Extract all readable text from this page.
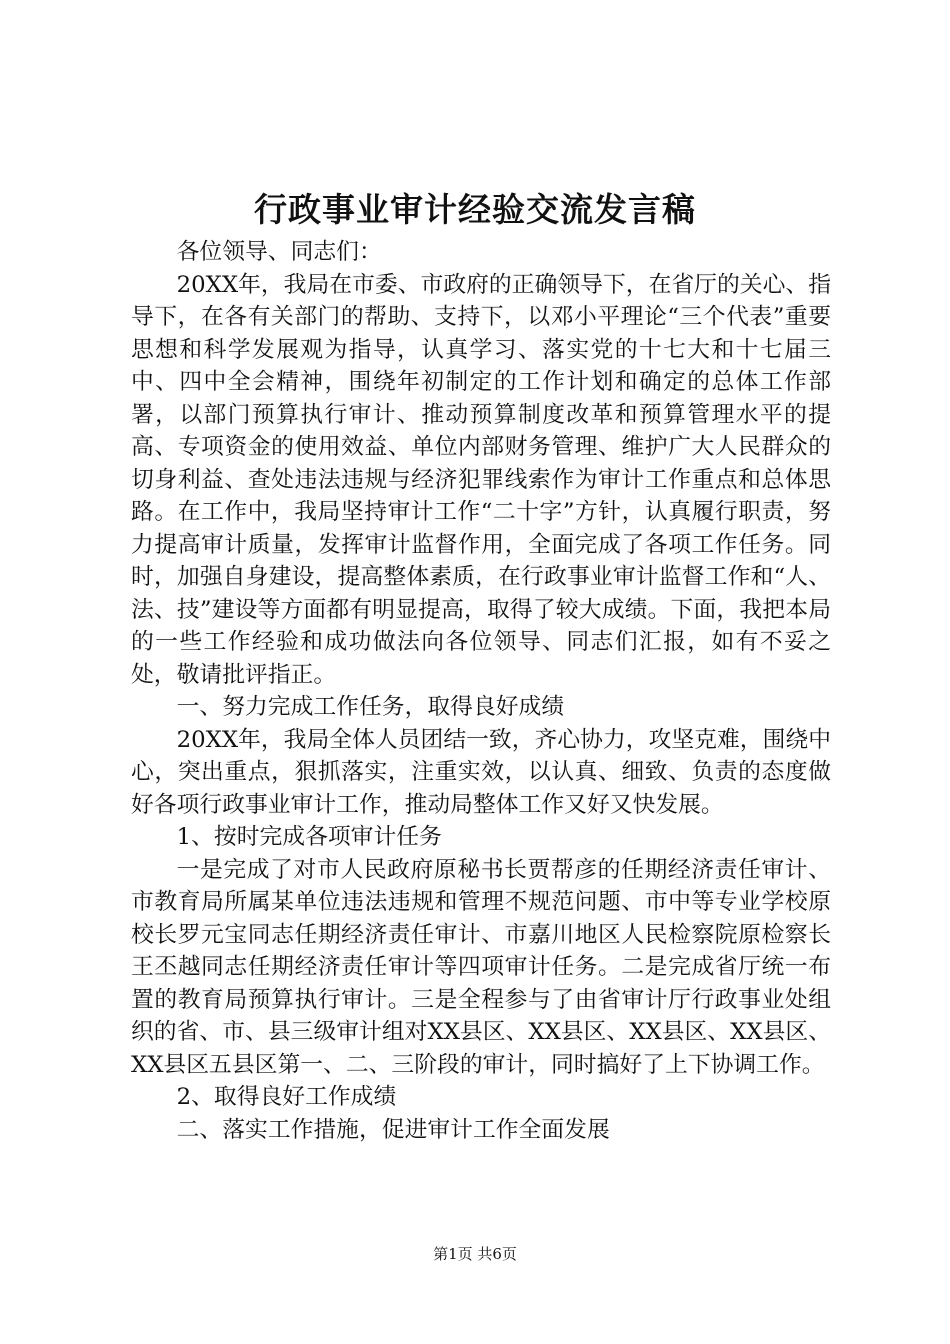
行政事业审计经验交流发言稿

各位领导、同志们：

20XX年，我局在市委、市政府的正确领导下，在省厅的关心、指导下，在各有关部门的帮助、支持下，以邓小平理论“三个代表”重要思想和科学发展观为指导，认真学习、落实党的十七大和十七届三中、四中全会精神，围绕年初制定的工作计划和确定的总体工作部署，以部门预算执行审计、推动预算制度改革和预算管理水平的提高、专项资金的使用效益、单位内部财务管理、维护广大人民群众的切身利益、查处违法违规与经济犯罪线索作为审计工作重点和总体思路。在工作中，我局坚持审计工作“二十字”方针，认真履行职责，努力提高审计质量，发挥审计监督作用，全面完成了各项工作任务。同时，加强自身建设，提高整体素质，在行政事业审计监督工作和“人、法、技”建设等方面都有明显提高，取得了较大成绩。下面，我把本局的一些工作经验和成功做法向各位领导、同志们汇报，如有不妥之处，敬请批评指正。

一、努力完成工作任务，取得良好成绩

20XX年，我局全体人员团结一致，齐心协力，攻坚克难，围绕中心，突出重点，狠抓落实，注重实效，以认真、细致、负责的态度做好各项行政事业审计工作，推动局整体工作又好又快发展。

1、按时完成各项审计任务

一是完成了对市人民政府原秘书长贾帮彦的任期经济责任审计、市教育局所属某单位违法违规和管理不规范问题、市中等专业学校原校长罗元宝同志任期经济责任审计、市嘉川地区人民检察院原检察长王丕越同志任期经济责任审计等四项审计任务。二是完成省厅统一布置的教育局预算执行审计。三是全程参与了由省审计厅行政事业处组织的省、市、县三级审计组对XX县区、XX县区、XX县区、XX县区、XX县区五县区第一、二、三阶段的审计，同时搞好了上下协调工作。

2、取得良好工作成绩

二、落实工作措施，促进审计工作全面发展

第1页 共6页
